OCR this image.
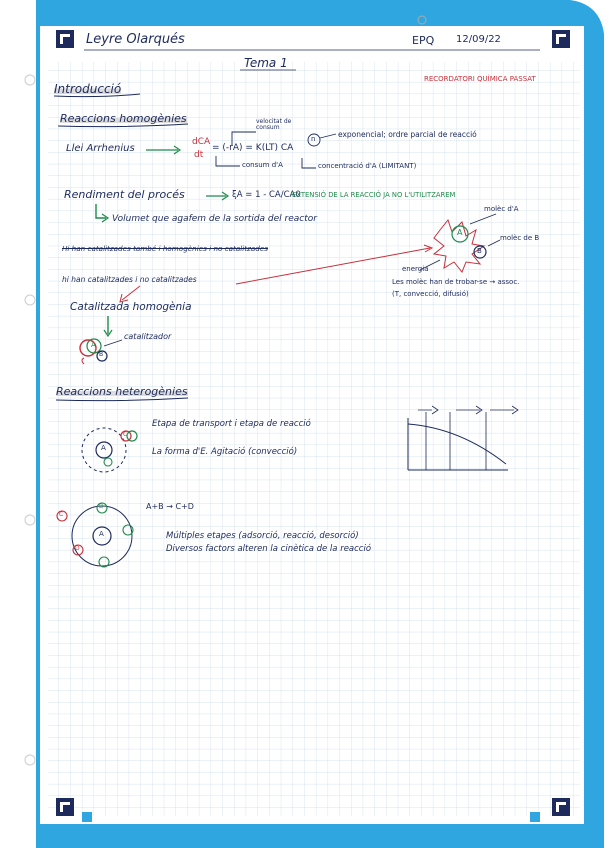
Leyre Olarqués	EPQ 12/09/22
Tema 1
RECORDATORI QUÍMICA PASSAT
Introducció
Reaccions homogènies
Llei Arrhenius
dCA
dt
= (-rA) = K(LT) CA
n
velocitat de consum
exponencial; ordre parcial de reacció
consum d'A	concentració d'A (LIMITANT)
Rendiment del procés	ξA = 1 - CA/CA0
EXTENSIÓ DE LA REACCIÓ JA NO L'UTILITZAREM
Volumet que agafem de la sortida del reactor
Hi han catalitzades també i homogènies i no catalitzades
hi han catalitzades i no catalitzades
Catalitzada homogènia
catalitzador
A
B
molèc d'A
molèc de B
energia
A
B
Les molèc han de trobar-se → assoc.
(T, convecció, difusió)
Reaccions heterogènies
Etapa de transport i etapa de reacció
La forma d'E. Agitació (convecció)
A
C
A+B → C+D
A
B
C
D
Múltiples etapes (adsorció, reacció, desorció)
Diversos factors alteren la cinètica de la reacció
